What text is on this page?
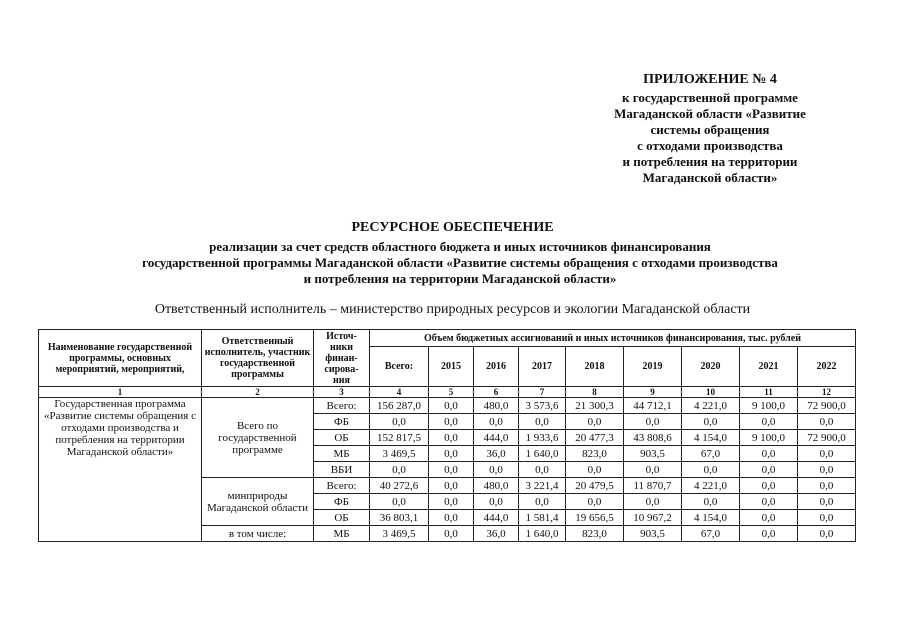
ПРИЛОЖЕНИЕ № 4
к государственной программе
Магаданской области «Развитие
системы обращения
с отходами производства
и потребления на территории
Магаданской области»
РЕСУРСНОЕ ОБЕСПЕЧЕНИЕ
реализации за счет средств областного бюджета и иных источников финансирования
государственной программы Магаданской области «Развитие системы обращения с отходами производства
и потребления на территории Магаданской области»
Ответственный исполнитель – министерство природных ресурсов и экологии Магаданской области
Наименование государственной программы, основных мероприятий, мероприятий,	Ответственный исполнитель, участник государственной программы	Источ-ники финан-сирова-ния	Объем бюджетных ассигнований и иных источников финансирования, тыс. рублей								
			Всего:	2015	2016	2017	2018	2019	2020	2021	2022
1	2	3	4	5	6	7	8	9	10	11	12
Государственная программа «Развитие системы обращения с отходами производства и потребления на территории Магаданской области»	Всего по государственной программе	Всего:	156 287,0	0,0	480,0	3 573,6	21 300,3	44 712,1	4 221,0	9 100,0	72 900,0
		ФБ	0,0	0,0	0,0	0,0	0,0	0,0	0,0	0,0	0,0
		ОБ	152 817,5	0,0	444,0	1 933,6	20 477,3	43 808,6	4 154,0	9 100,0	72 900,0
		МБ	3 469,5	0,0	36,0	1 640,0	823,0	903,5	67,0	0,0	0,0
		ВБИ	0,0	0,0	0,0	0,0	0,0	0,0	0,0	0,0	0,0
	минприроды Магаданской области	Всего:	40 272,6	0,0	480,0	3 221,4	20 479,5	11 870,7	4 221,0	0,0	0,0
		ФБ	0,0	0,0	0,0	0,0	0,0	0,0	0,0	0,0	0,0
		ОБ	36 803,1	0,0	444,0	1 581,4	19 656,5	10 967,2	4 154,0	0,0	0,0
	в том числе:	МБ	3 469,5	0,0	36,0	1 640,0	823,0	903,5	67,0	0,0	0,0
